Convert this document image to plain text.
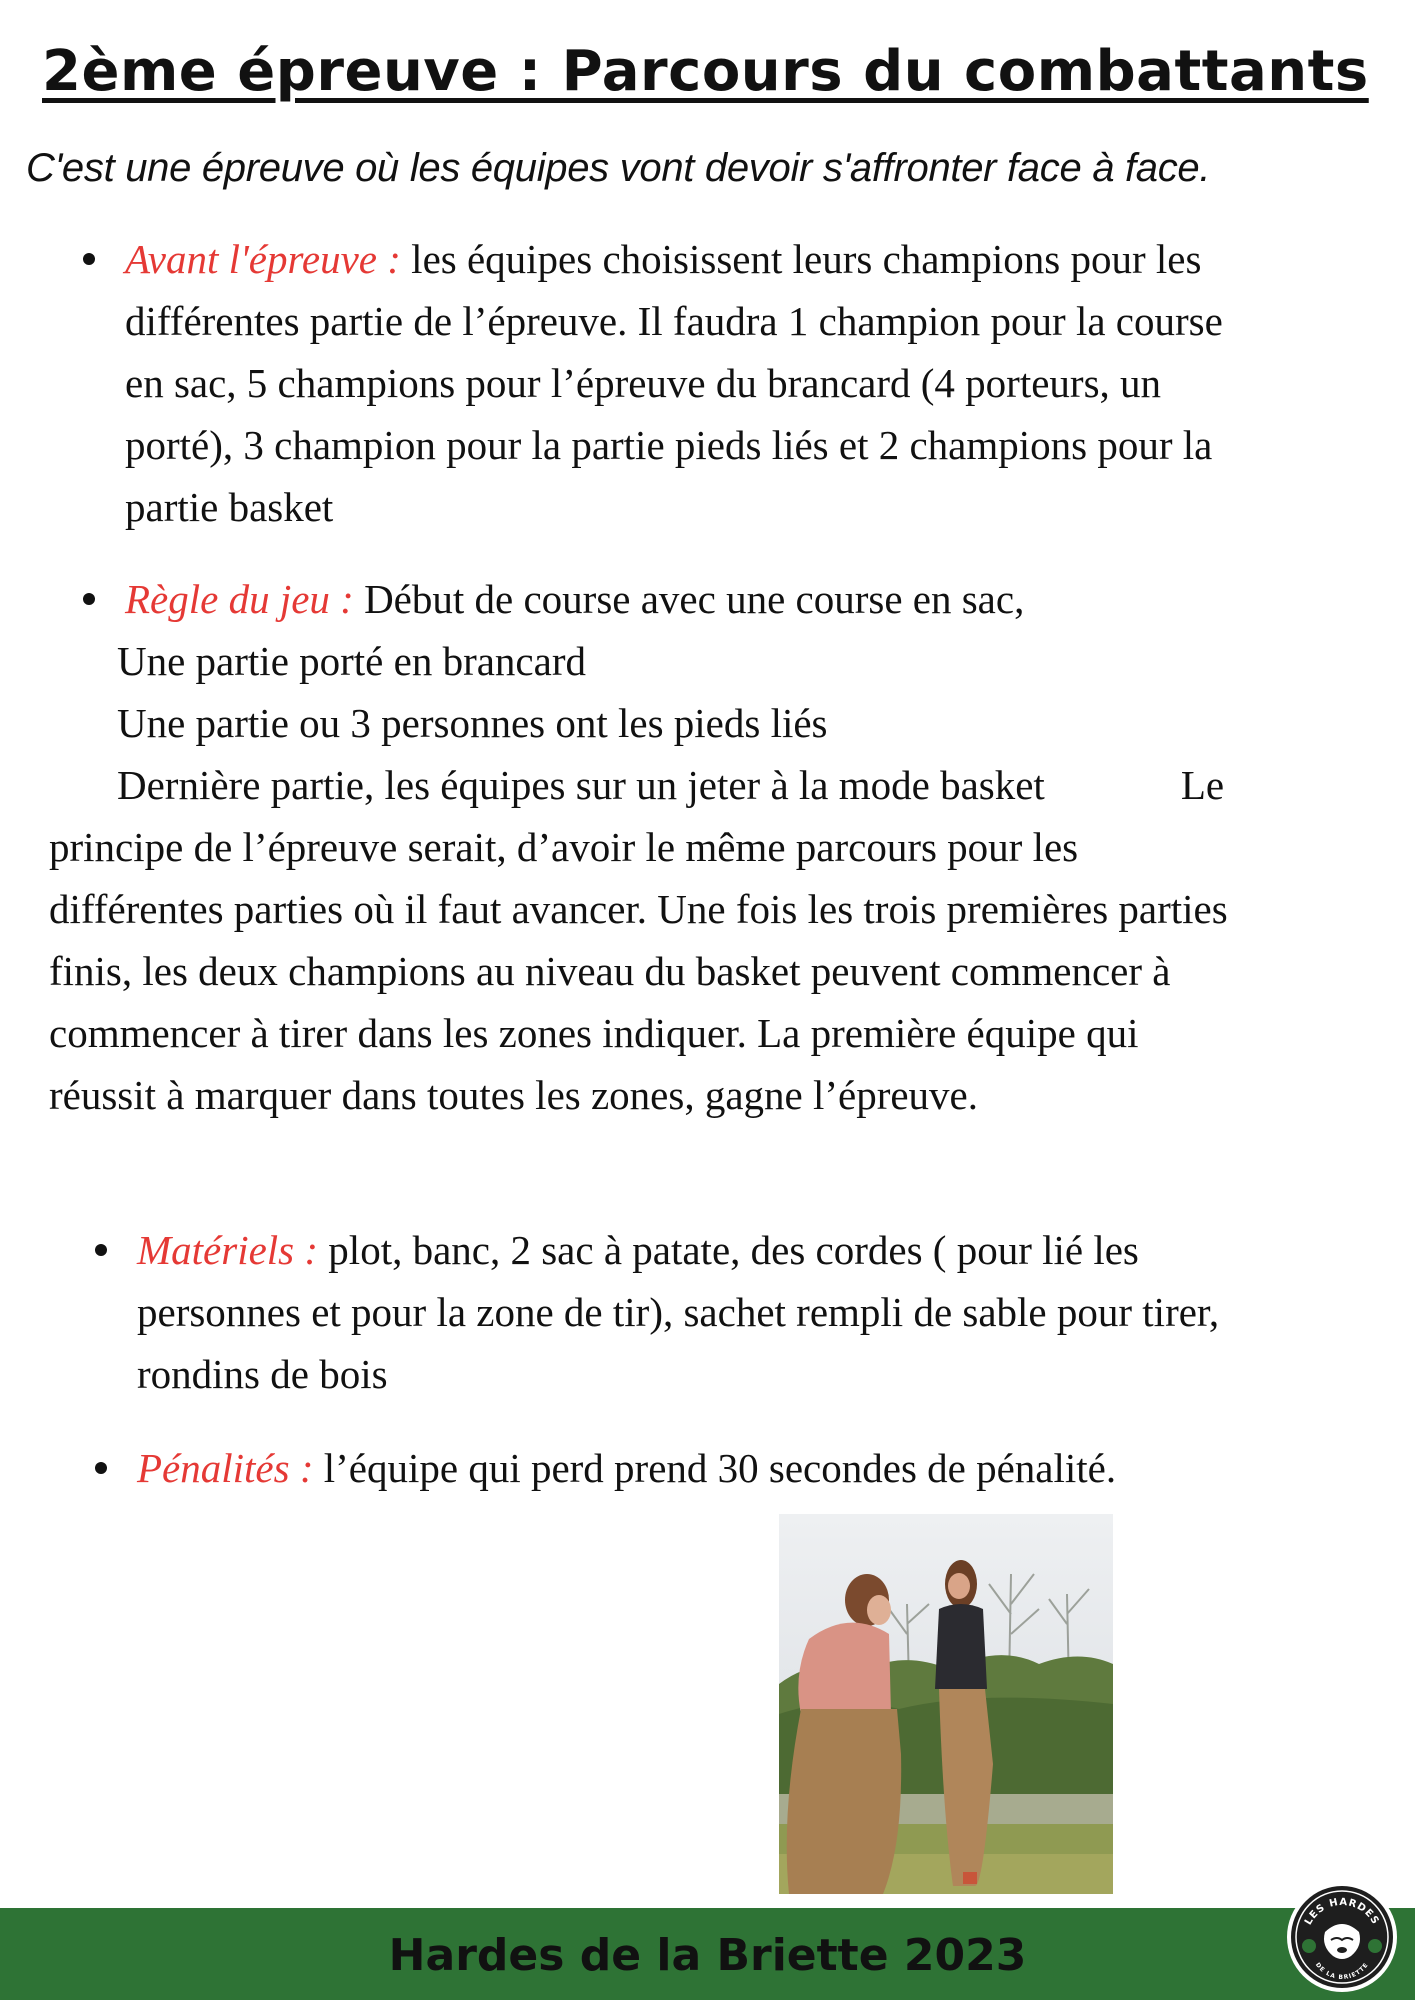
2ème épreuve : Parcours du combattants

C'est une épreuve où les équipes vont devoir s'affronter face à face.

Avant l'épreuve : les équipes choisissent leurs champions pour les
différentes partie de l’épreuve. Il faudra 1 champion pour la course
en sac, 5 champions pour l’épreuve du brancard (4 porteurs, un
porté), 3 champion pour la partie pieds liés et 2 champions pour la
partie basket
Règle du jeu : Début de course avec une course en sac,
Une partie porté en brancard
Une partie ou 3 personnes ont les pieds liés
Dernière partie, les équipes sur un jeter à la mode basket	Le
principe de l’épreuve serait, d’avoir le même parcours pour les
différentes parties où il faut avancer. Une fois les trois premières parties
finis, les deux champions au niveau du basket peuvent commencer à
commencer à tirer dans les zones indiquer. La première équipe qui
réussit à marquer dans toutes les zones, gagne l’épreuve.
Matériels : plot, banc, 2 sac à patate, des cordes ( pour lié les
personnes et pour la zone de tir), sachet rempli de sable pour tirer,
rondins de bois
Pénalités : l’équipe qui perd prend 30 secondes de pénalité.

Hardes de la Briette 2023

LES HARDES
DE LA BRIETTE
